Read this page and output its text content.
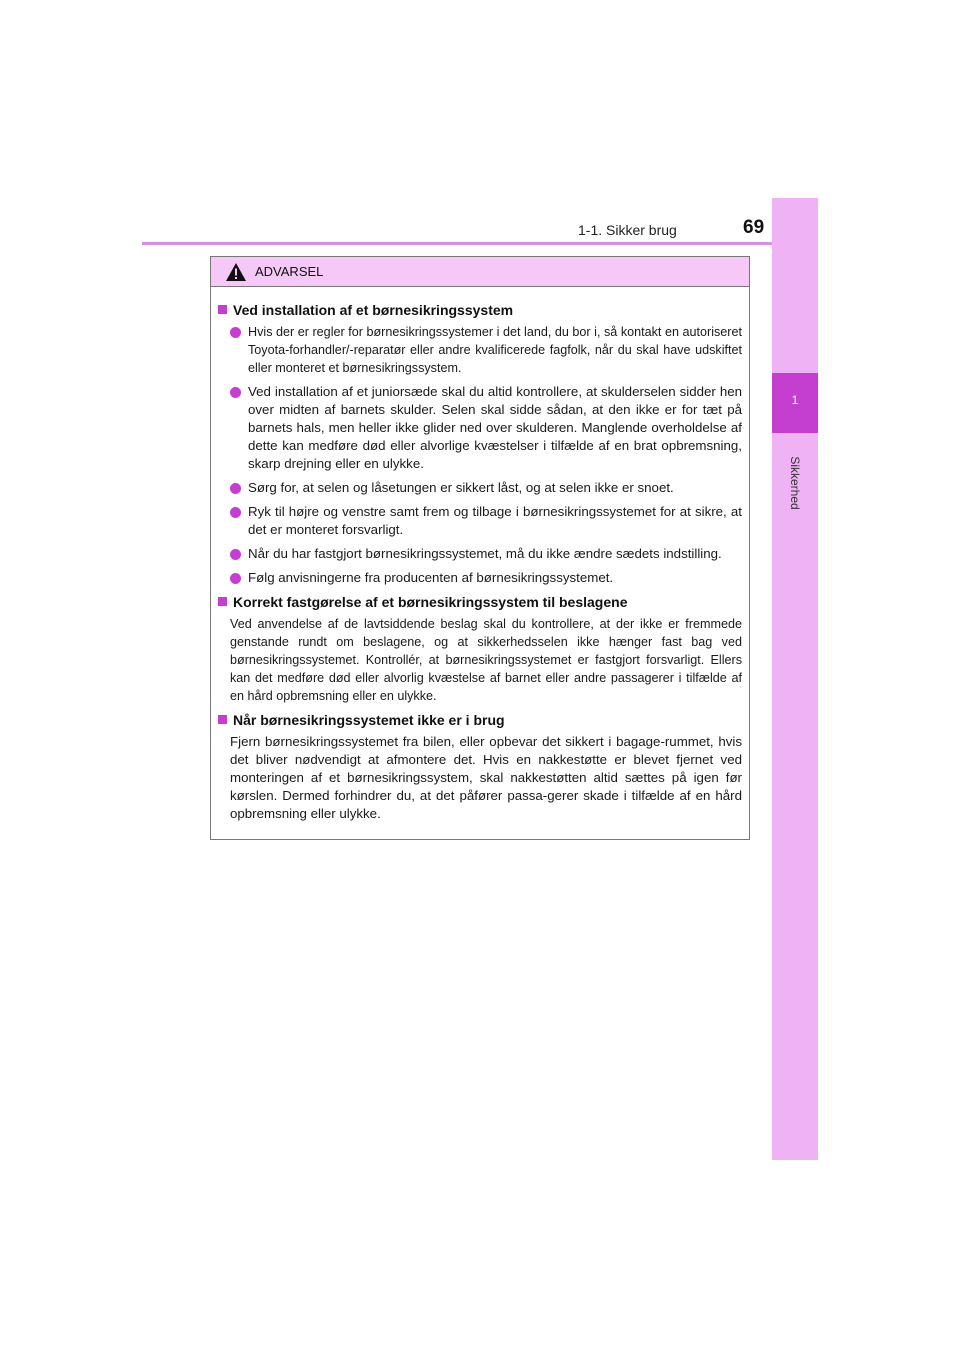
1-1. Sikker brug	69
1
Sikkerhed
ADVARSEL
Ved installation af et børnesikringssystem
Hvis der er regler for børnesikringssystemer i det land, du bor i, så kontakt en autoriseret Toyota-forhandler/-reparatør eller andre kvalificerede fagfolk, når du skal have udskiftet eller monteret et børnesikringssystem.
Ved installation af et juniorsæde skal du altid kontrollere, at skulderselen sidder hen over midten af barnets skulder. Selen skal sidde sådan, at den ikke er for tæt på barnets hals, men heller ikke glider ned over skulderen. Manglende overholdelse af dette kan medføre død eller alvorlige kvæstelser i tilfælde af en brat opbremsning, skarp drejning eller en ulykke.
Sørg for, at selen og låsetungen er sikkert låst, og at selen ikke er snoet.
Ryk til højre og venstre samt frem og tilbage i børnesikringssystemet for at sikre, at det er monteret forsvarligt.
Når du har fastgjort børnesikringssystemet, må du ikke ændre sædets indstilling.
Følg anvisningerne fra producenten af børnesikringssystemet.
Korrekt fastgørelse af et børnesikringssystem til beslagene
Ved anvendelse af de lavtsiddende beslag skal du kontrollere, at der ikke er fremmede genstande rundt om beslagene, og at sikkerhedsselen ikke hænger fast bag ved børnesikringssystemet. Kontrollér, at børnesikringssystemet er fastgjort forsvarligt. Ellers kan det medføre død eller alvorlig kvæstelse af barnet eller andre passagerer i tilfælde af en hård opbremsning eller en ulykke.
Når børnesikringssystemet ikke er i brug
Fjern børnesikringssystemet fra bilen, eller opbevar det sikkert i bagage-rummet, hvis det bliver nødvendigt at afmontere det. Hvis en nakkestøtte er blevet fjernet ved monteringen af et børnesikringssystem, skal nakkestøtten altid sættes på igen før kørslen. Dermed forhindrer du, at det påfører passa-gerer skade i tilfælde af en hård opbremsning eller ulykke.
